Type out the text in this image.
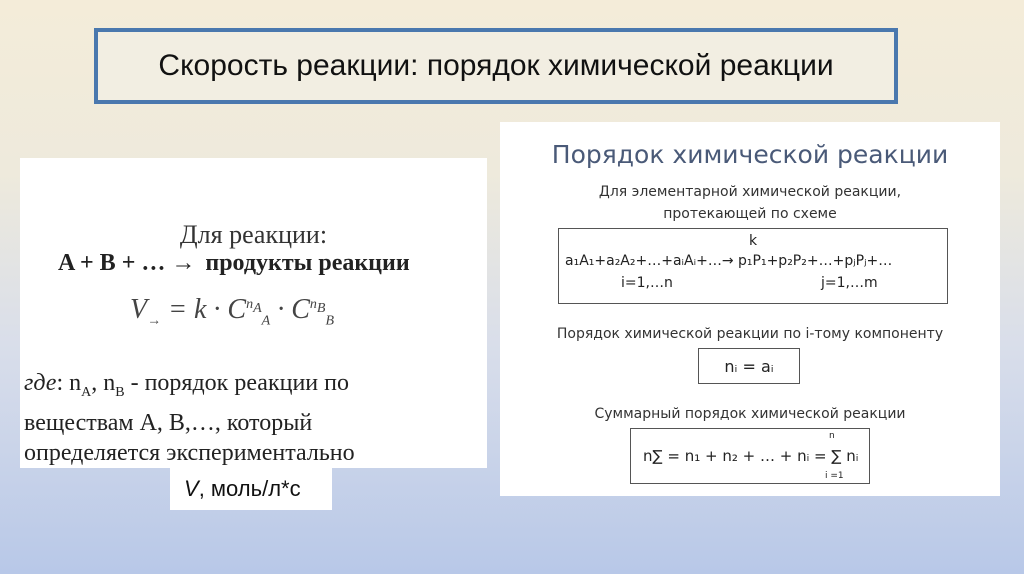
Скорость реакции: порядок химической реакции
Для реакции:
A + B + … → продукты реакции
$V_\to = k \cdot C^{n_A}_A \cdot C^{n_B}_B$
где: $n_A$, $n_B$ - порядок реакции по
веществам A, B,…, который
определяется экспериментально
V , моль/л*с
Порядок химической реакции
Для элементарной химической реакции,
протекающей по схеме
k
a₁A₁+a₂A₂+…+aᵢAᵢ+…→ p₁P₁+p₂P₂+…+pⱼPⱼ+…
i=1,…n	j=1,…m
Порядок химической реакции по i-тому компоненту
nᵢ = aᵢ
Суммарный порядок химической реакции
n
n∑ = n₁ + n₂ + … + nᵢ = ∑ nᵢ
i =1
